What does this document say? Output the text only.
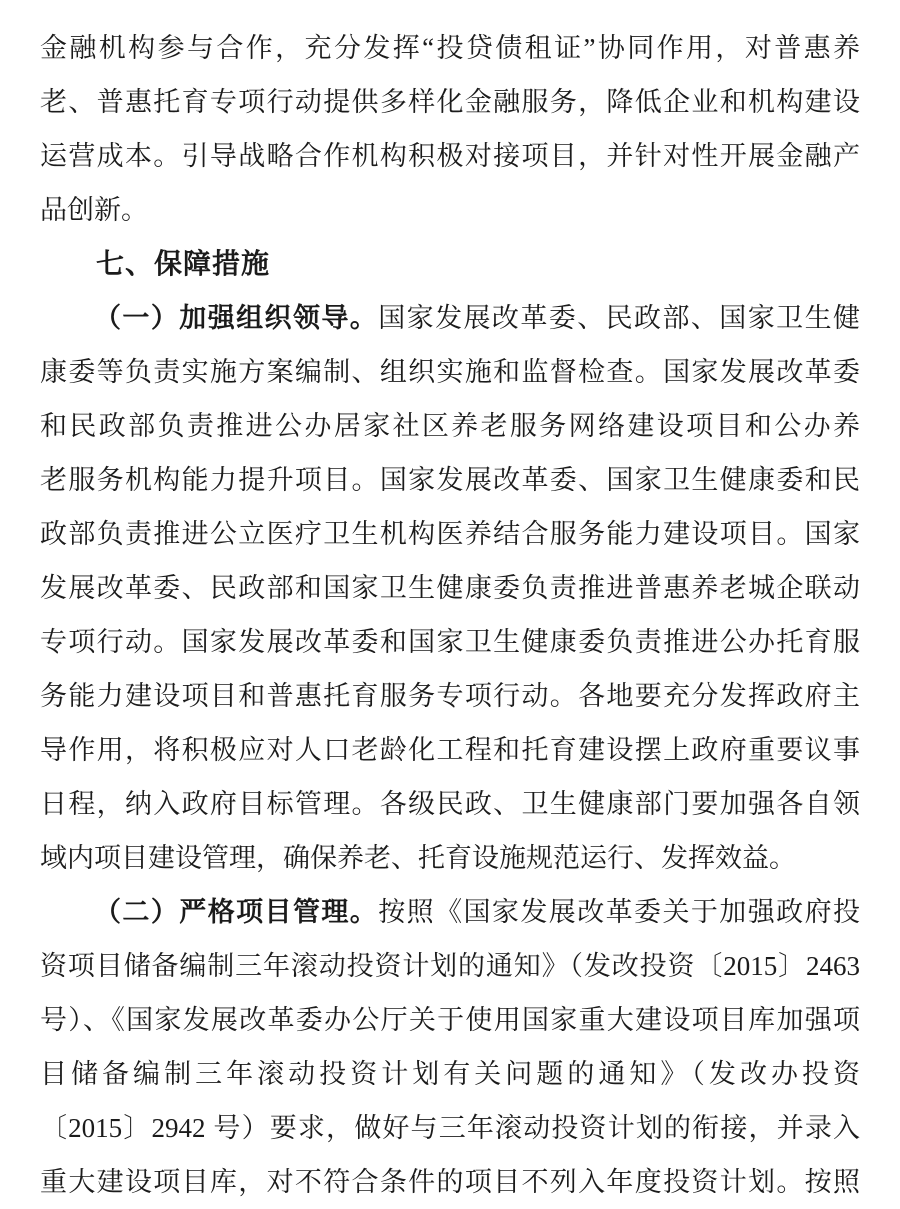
金融机构参与合作，充分发挥“投贷债租证”协同作用，对普惠养
老、普惠托育专项行动提供多样化金融服务，降低企业和机构建设
运营成本。引导战略合作机构积极对接项目，并针对性开展金融产
品创新。
七、保障措施
（一）加强组织领导。国家发展改革委、民政部、国家卫生健
康委等负责实施方案编制、组织实施和监督检查。国家发展改革委
和民政部负责推进公办居家社区养老服务网络建设项目和公办养
老服务机构能力提升项目。国家发展改革委、国家卫生健康委和民
政部负责推进公立医疗卫生机构医养结合服务能力建设项目。国家
发展改革委、民政部和国家卫生健康委负责推进普惠养老城企联动
专项行动。国家发展改革委和国家卫生健康委负责推进公办托育服
务能力建设项目和普惠托育服务专项行动。各地要充分发挥政府主
导作用，将积极应对人口老龄化工程和托育建设摆上政府重要议事
日程，纳入政府目标管理。各级民政、卫生健康部门要加强各自领
域内项目建设管理，确保养老、托育设施规范运行、发挥效益。
（二）严格项目管理。按照《国家发展改革委关于加强政府投
资项目储备编制三年滚动投资计划的通知》（发改投资〔2015〕2463
号）、《国家发展改革委办公厅关于使用国家重大建设项目库加强项
目储备编制三年滚动投资计划有关问题的通知》（发改办投资
〔2015〕2942 号）要求，做好与三年滚动投资计划的衔接，并录入
重大建设项目库，对不符合条件的项目不列入年度投资计划。按照
